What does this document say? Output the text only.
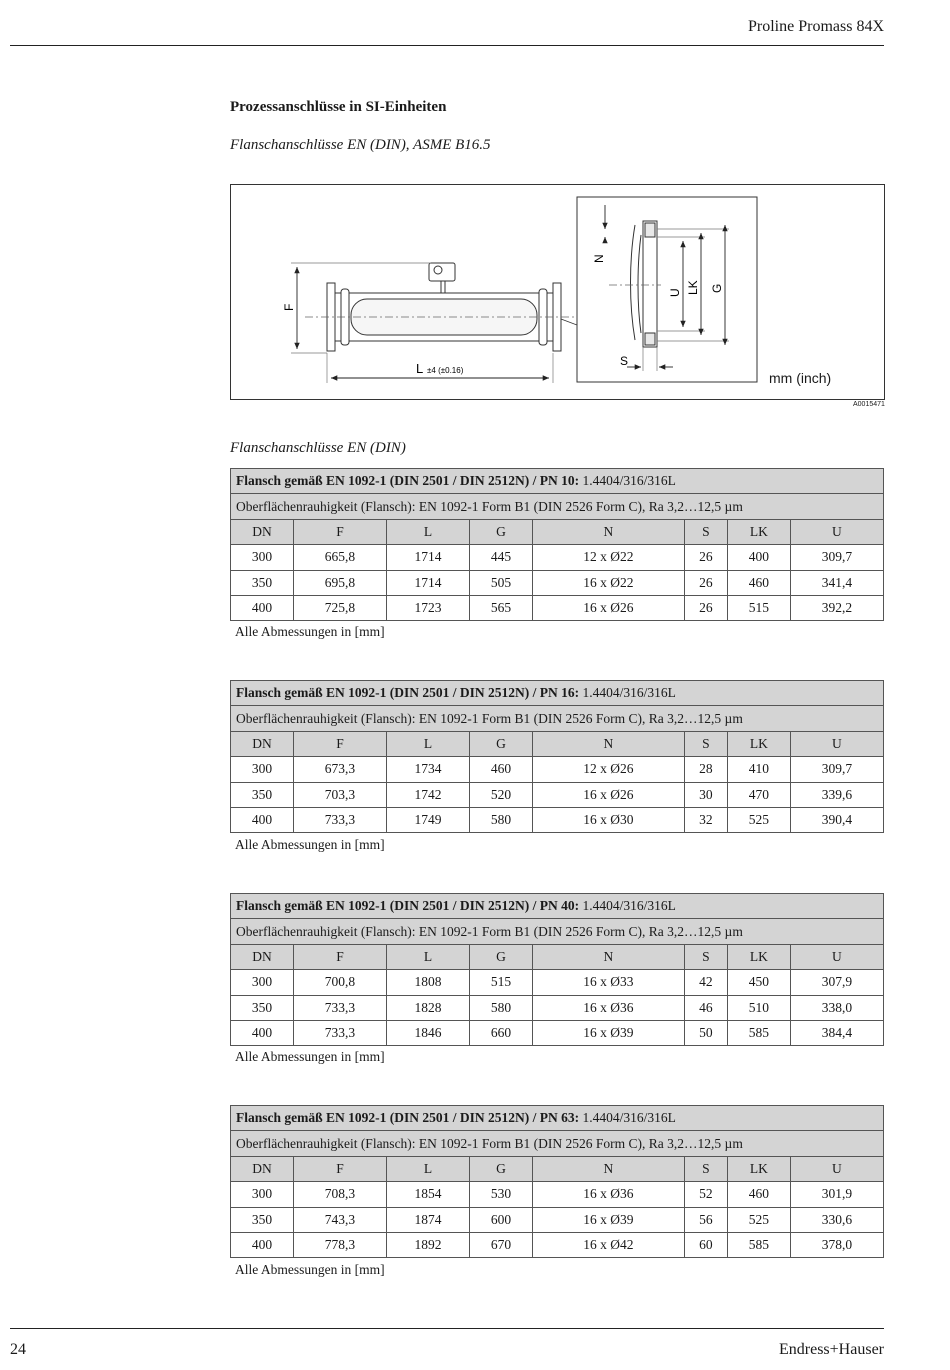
Proline Promass 84X
Prozessanschlüsse in SI-Einheiten
Flanschanschlüsse EN (DIN), ASME B16.5
F
L ±4 (±0.16)
N
U LK G
S
mm (inch)
A0015471
Flanschanschlüsse EN (DIN)
Flansch gemäß EN 1092-1 (DIN 2501 / DIN 2512N) / PN 10: 1.4404/316/316L							
Oberflächenrauhigkeit (Flansch): EN 1092-1 Form B1 (DIN 2526 Form C), Ra 3,2…12,5 µm							
DN	F	L	G	N	S	LK	U
300	665,8	1714	445	12 x Ø22	26	400	309,7
350	695,8	1714	505	16 x Ø22	26	460	341,4
400	725,8	1723	565	16 x Ø26	26	515	392,2
Alle Abmessungen in [mm]
Flansch gemäß EN 1092-1 (DIN 2501 / DIN 2512N) / PN 16: 1.4404/316/316L							
Oberflächenrauhigkeit (Flansch): EN 1092-1 Form B1 (DIN 2526 Form C), Ra 3,2…12,5 µm							
DN	F	L	G	N	S	LK	U
300	673,3	1734	460	12 x Ø26	28	410	309,7
350	703,3	1742	520	16 x Ø26	30	470	339,6
400	733,3	1749	580	16 x Ø30	32	525	390,4
Alle Abmessungen in [mm]
Flansch gemäß EN 1092-1 (DIN 2501 / DIN 2512N) / PN 40: 1.4404/316/316L							
Oberflächenrauhigkeit (Flansch): EN 1092-1 Form B1 (DIN 2526 Form C), Ra 3,2…12,5 µm							
DN	F	L	G	N	S	LK	U
300	700,8	1808	515	16 x Ø33	42	450	307,9
350	733,3	1828	580	16 x Ø36	46	510	338,0
400	733,3	1846	660	16 x Ø39	50	585	384,4
Alle Abmessungen in [mm]
Flansch gemäß EN 1092-1 (DIN 2501 / DIN 2512N) / PN 63: 1.4404/316/316L							
Oberflächenrauhigkeit (Flansch): EN 1092-1 Form B1 (DIN 2526 Form C), Ra 3,2…12,5 µm							
DN	F	L	G	N	S	LK	U
300	708,3	1854	530	16 x Ø36	52	460	301,9
350	743,3	1874	600	16 x Ø39	56	525	330,6
400	778,3	1892	670	16 x Ø42	60	585	378,0
Alle Abmessungen in [mm]
24	Endress+Hauser
